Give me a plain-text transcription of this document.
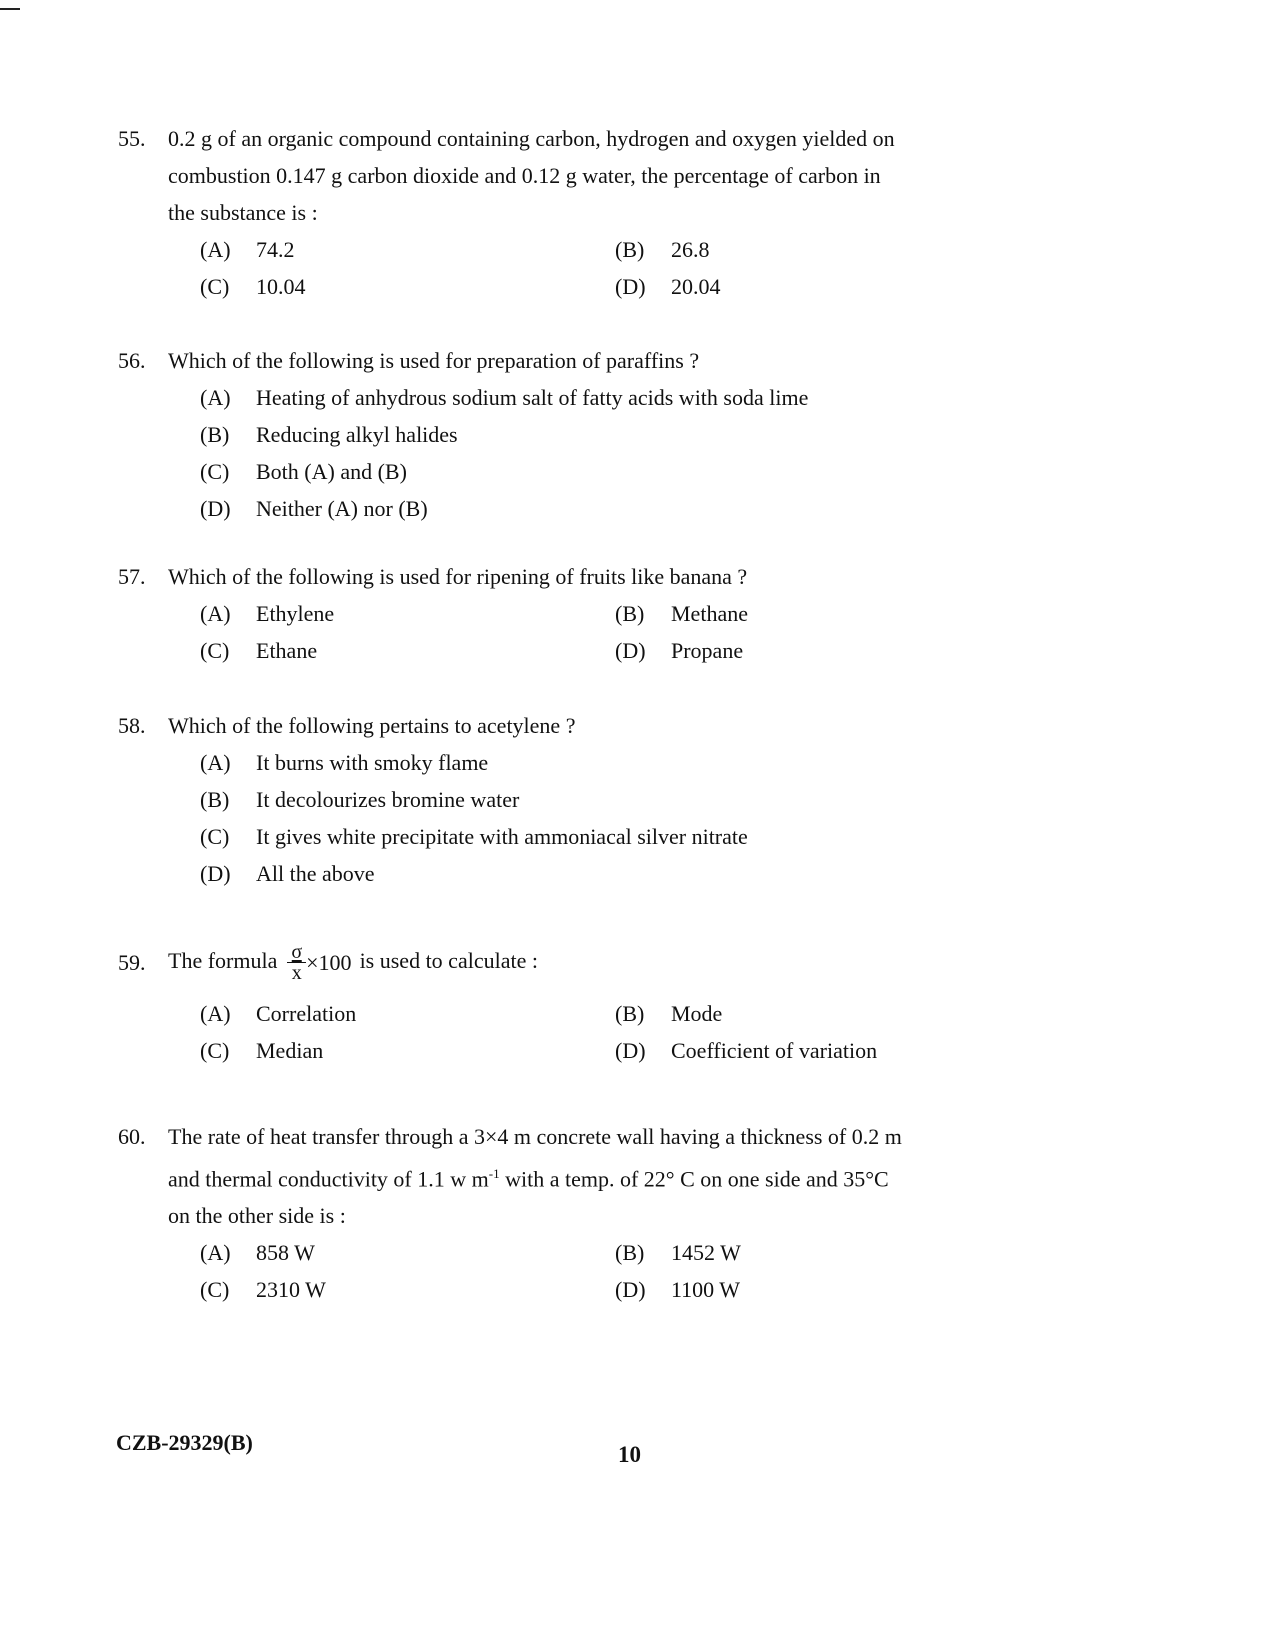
55.	0.2 g of an organic compound containing carbon, hydrogen and oxygen yielded on
combustion 0.147 g carbon dioxide and 0.12 g water, the percentage of carbon in
the substance is :
(A)	74.2	(B)	26.8
(C)	10.04	(D)	20.04
56.	Which of the following is used for preparation of paraffins ?
(A)	Heating of anhydrous sodium salt of fatty acids with soda lime
(B)	Reducing alkyl halides
(C)	Both (A) and (B)
(D)	Neither (A) nor (B)
57.	Which of the following is used for ripening of fruits like banana ?
(A)	Ethylene	(B)	Methane
(C)	Ethane	(D)	Propane
58.	Which of the following pertains to acetylene ?
(A)	It burns with smoky flame
(B)	It decolourizes bromine water
(C)	It gives white precipitate with ammoniacal silver nitrate
(D)	All the above
59.	The formula $\frac{\sigma}{x} \times 100$ is used to calculate :
(A)	Correlation	(B)	Mode
(C)	Median	(D)	Coefficient of variation
60.	The rate of heat transfer through a 3×4 m concrete wall having a thickness of 0.2 m
and thermal conductivity of 1.1 w $m^{-1}$ with a temp. of 22° C on one side and 35°C
on the other side is :
(A)	858 W	(B)	1452 W
(C)	2310 W	(D)	1100 W
CZB-29329(B)	10
